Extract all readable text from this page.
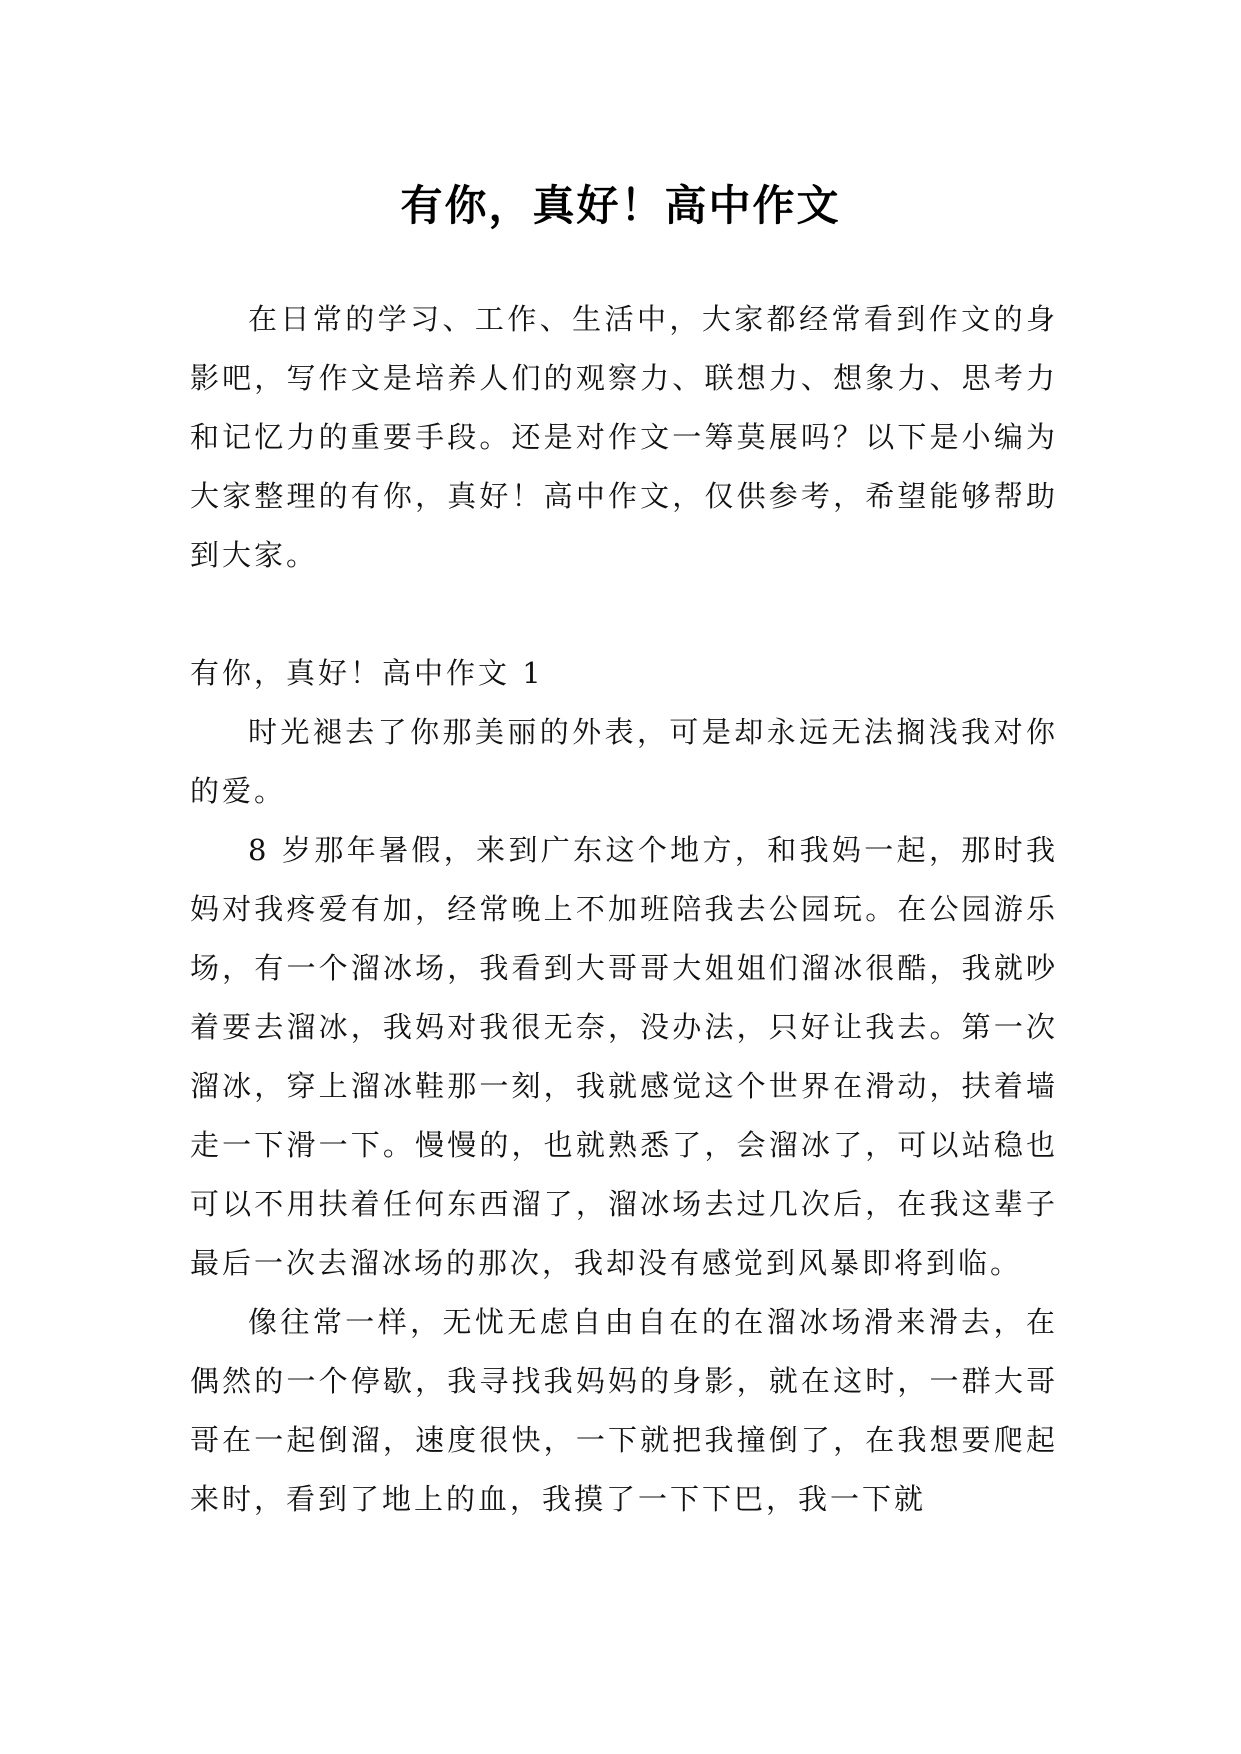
有你，真好！高中作文

在日常的学习、工作、生活中，大家都经常看到作文的身影吧，写作文是培养人们的观察力、联想力、想象力、思考力和记忆力的重要手段。还是对作文一筹莫展吗？以下是小编为大家整理的有你，真好！高中作文，仅供参考，希望能够帮助到大家。

有你，真好！高中作文 1

时光褪去了你那美丽的外表，可是却永远无法搁浅我对你的爱。

8 岁那年暑假，来到广东这个地方，和我妈一起，那时我妈对我疼爱有加，经常晚上不加班陪我去公园玩。在公园游乐场，有一个溜冰场，我看到大哥哥大姐姐们溜冰很酷，我就吵着要去溜冰，我妈对我很无奈，没办法，只好让我去。第一次溜冰，穿上溜冰鞋那一刻，我就感觉这个世界在滑动，扶着墙走一下滑一下。慢慢的，也就熟悉了，会溜冰了，可以站稳也可以不用扶着任何东西溜了，溜冰场去过几次后，在我这辈子最后一次去溜冰场的那次，我却没有感觉到风暴即将到临。

像往常一样，无忧无虑自由自在的在溜冰场滑来滑去，在偶然的一个停歇，我寻找我妈妈的身影，就在这时，一群大哥哥在一起倒溜，速度很快，一下就把我撞倒了，在我想要爬起来时，看到了地上的血，我摸了一下下巴，我一下就
